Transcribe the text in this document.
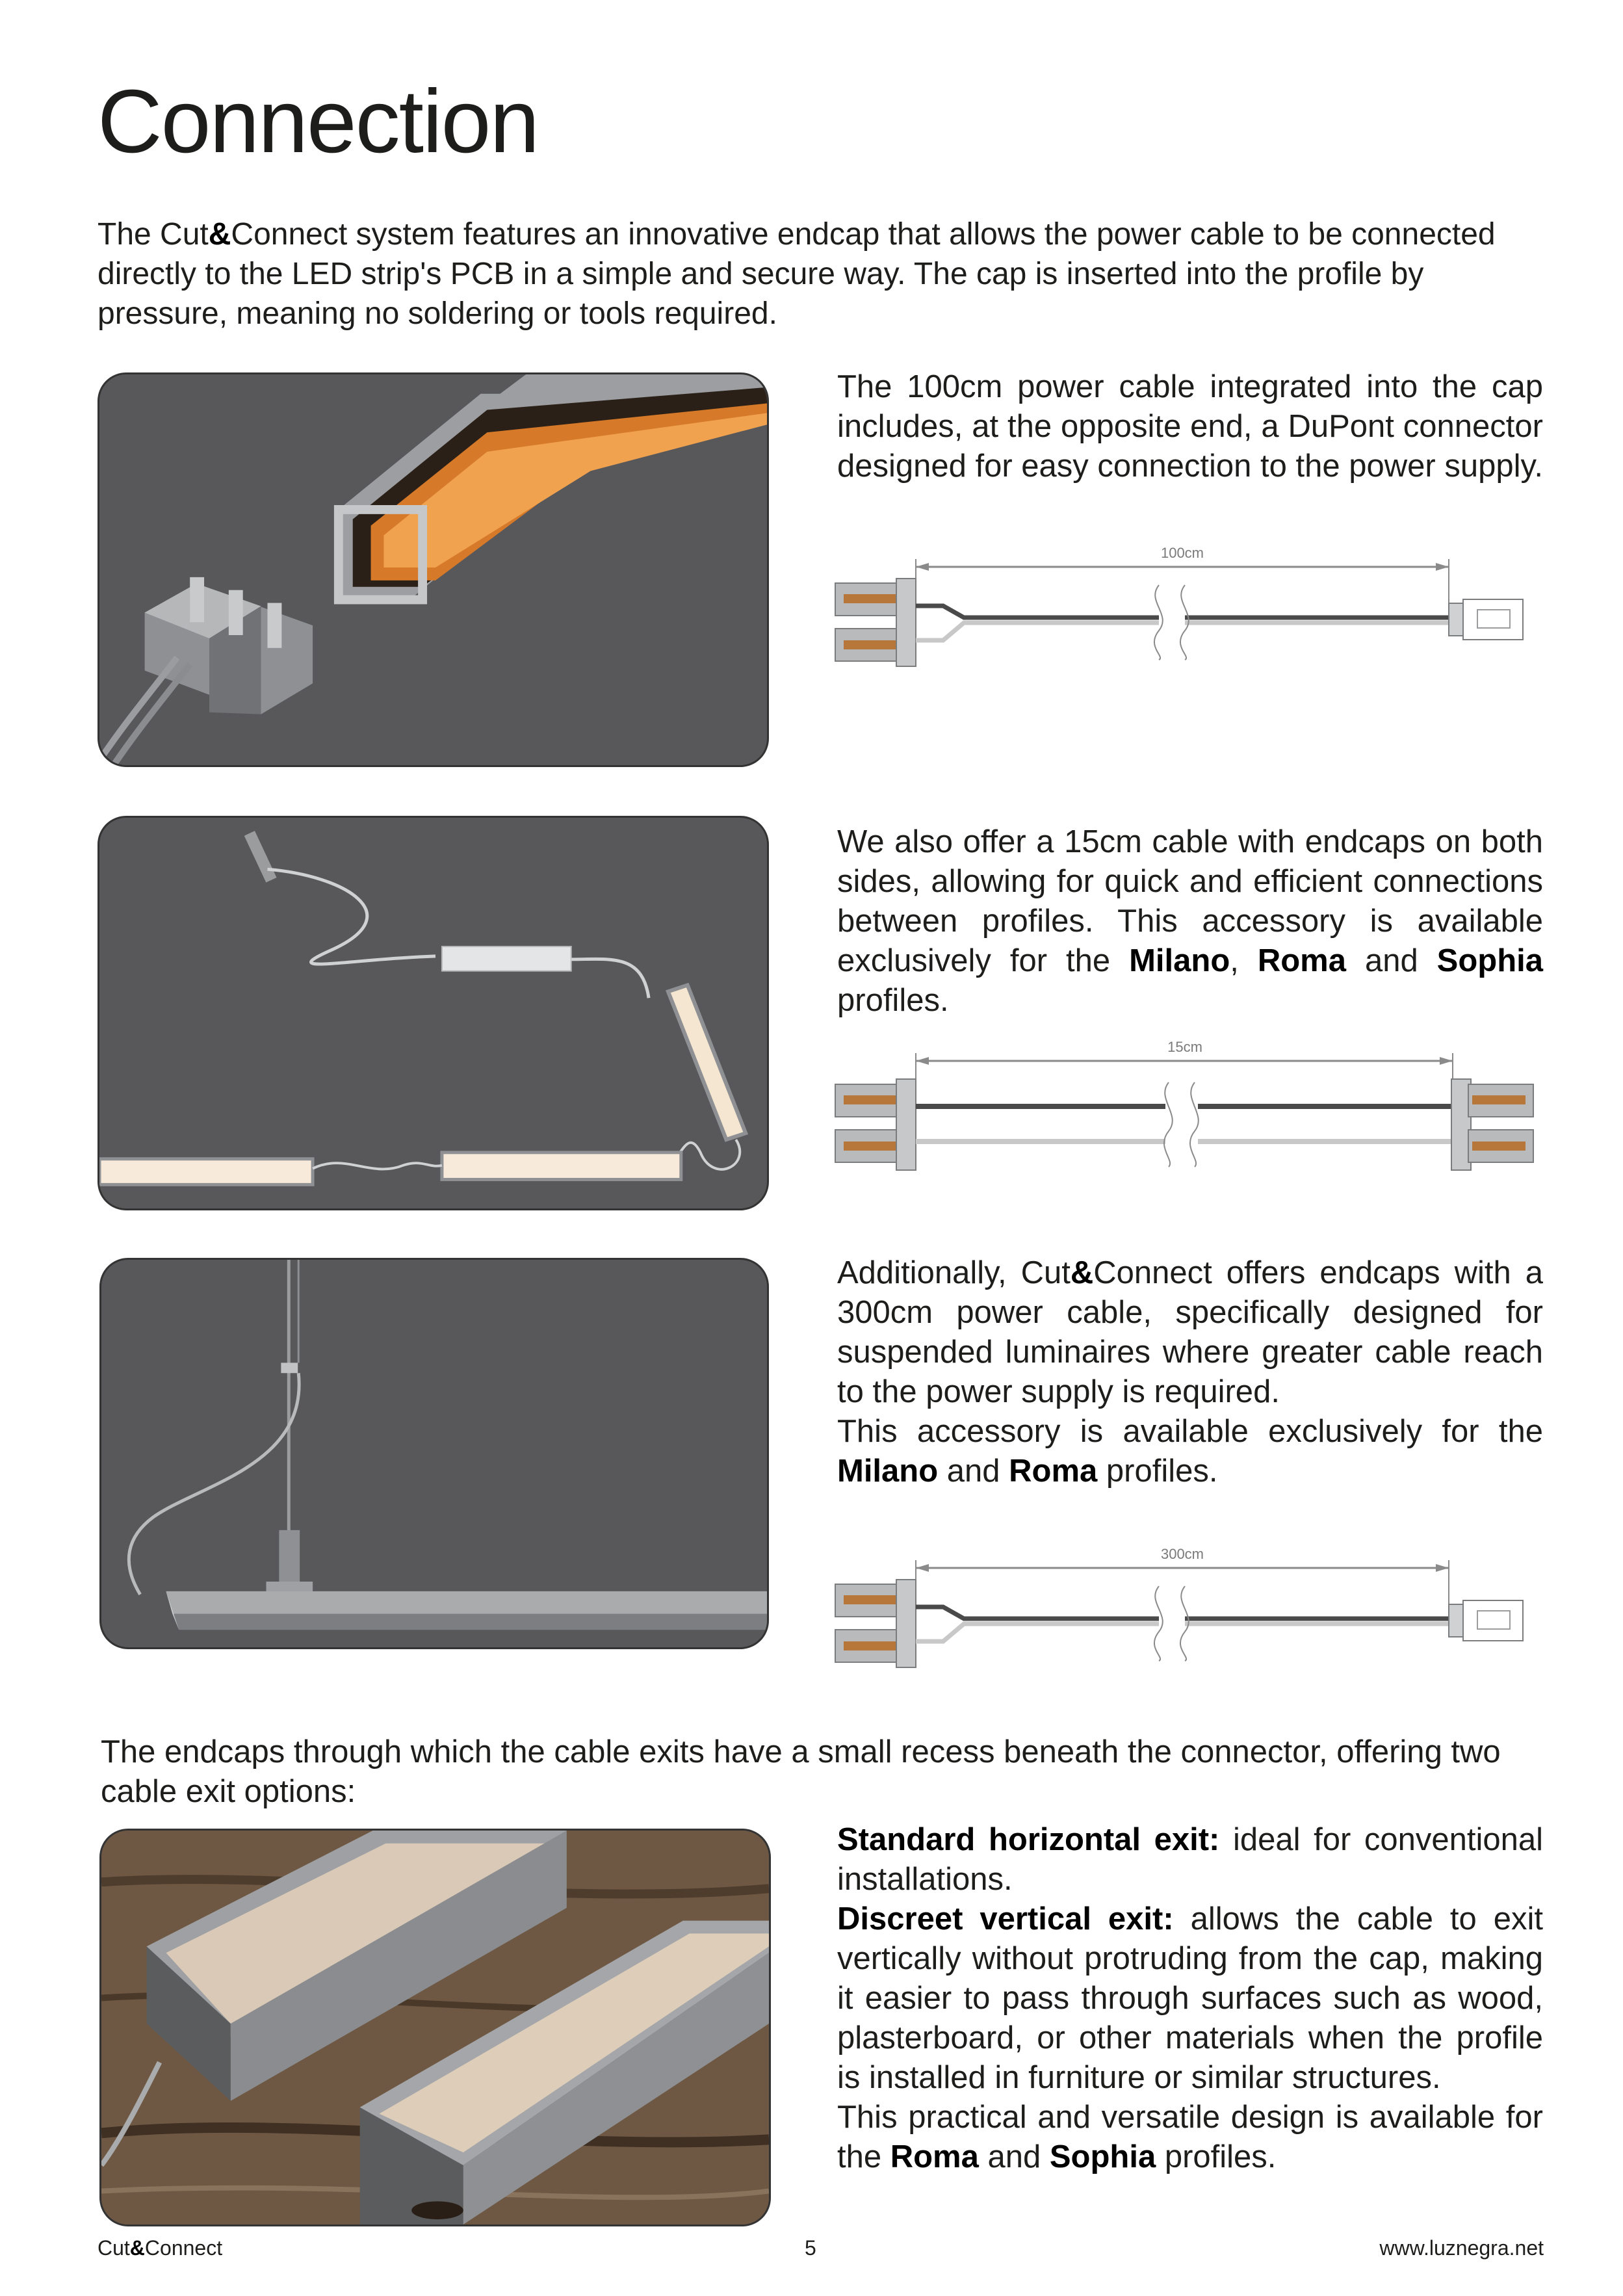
Connection
The Cut&Connect system features an innovative endcap that allows the power cable to be connected directly to the LED strip's PCB in a simple and secure way. The cap is inserted into the profile by pressure, meaning no soldering or tools required.

The 100cm power cable integrated into the cap includes, at the opposite end, a DuPont connector designed for easy connection to the power supply.

100cm

We also offer a 15cm cable with endcaps on both sides, allowing for quick and efficient connections between profiles. This accessory is available exclusively for the Milano, Roma and Sophia profiles.

15cm

Additionally, Cut&Connect offers endcaps with a 300cm power cable, specifically designed for suspended luminaires where greater cable reach to the power supply is required.

This accessory is available exclusively for the Milano and Roma profiles.

300cm
The endcaps through which the cable exits have a small recess beneath the connector, offering two cable exit options:

Standard horizontal exit: ideal for conventional installations.

Discreet vertical exit: allows the cable to exit vertically without protruding from the cap, making it easier to pass through surfaces such as wood, plasterboard, or other materials when the profile is installed in furniture or similar structures.

This practical and versatile design is available for the Roma and Sophia profiles.

Cut&Connect	5	www.luznegra.net
